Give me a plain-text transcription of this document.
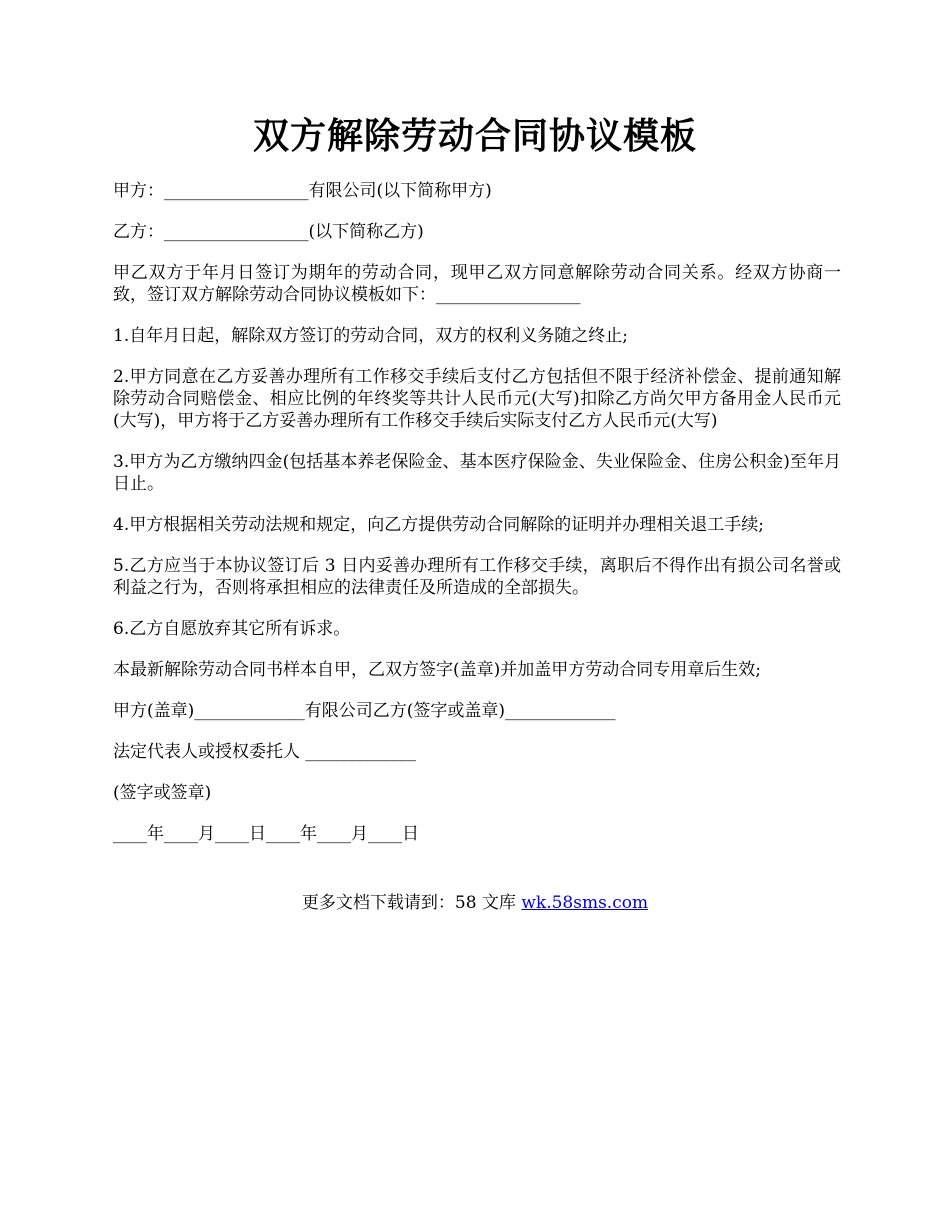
双方解除劳动合同协议模板

甲方：_________________有限公司(以下简称甲方)

乙方：_________________(以下简称乙方)

甲乙双方于年月日签订为期年的劳动合同，现甲乙双方同意解除劳动合同关系。经双方协商一致，签订双方解除劳动合同协议模板如下：_________________

1.自年月日起，解除双方签订的劳动合同，双方的权利义务随之终止;

2.甲方同意在乙方妥善办理所有工作移交手续后支付乙方包括但不限于经济补偿金、提前通知解除劳动合同赔偿金、相应比例的年终奖等共计人民币元(大写)扣除乙方尚欠甲方备用金人民币元(大写)，甲方将于乙方妥善办理所有工作移交手续后实际支付乙方人民币元(大写)

3.甲方为乙方缴纳四金(包括基本养老保险金、基本医疗保险金、失业保险金、住房公积金)至年月日止。

4.甲方根据相关劳动法规和规定，向乙方提供劳动合同解除的证明并办理相关退工手续;

5.乙方应当于本协议签订后 3 日内妥善办理所有工作移交手续，离职后不得作出有损公司名誉或利益之行为，否则将承担相应的法律责任及所造成的全部损失。

6.乙方自愿放弃其它所有诉求。

本最新解除劳动合同书样本自甲，乙双方签字(盖章)并加盖甲方劳动合同专用章后生效;

甲方(盖章)_____________有限公司乙方(签字或盖章)_____________

法定代表人或授权委托人 _____________

(签字或签章)

____年____月____日____年____月____日

更多文档下载请到：58 文库 wk.58sms.com
